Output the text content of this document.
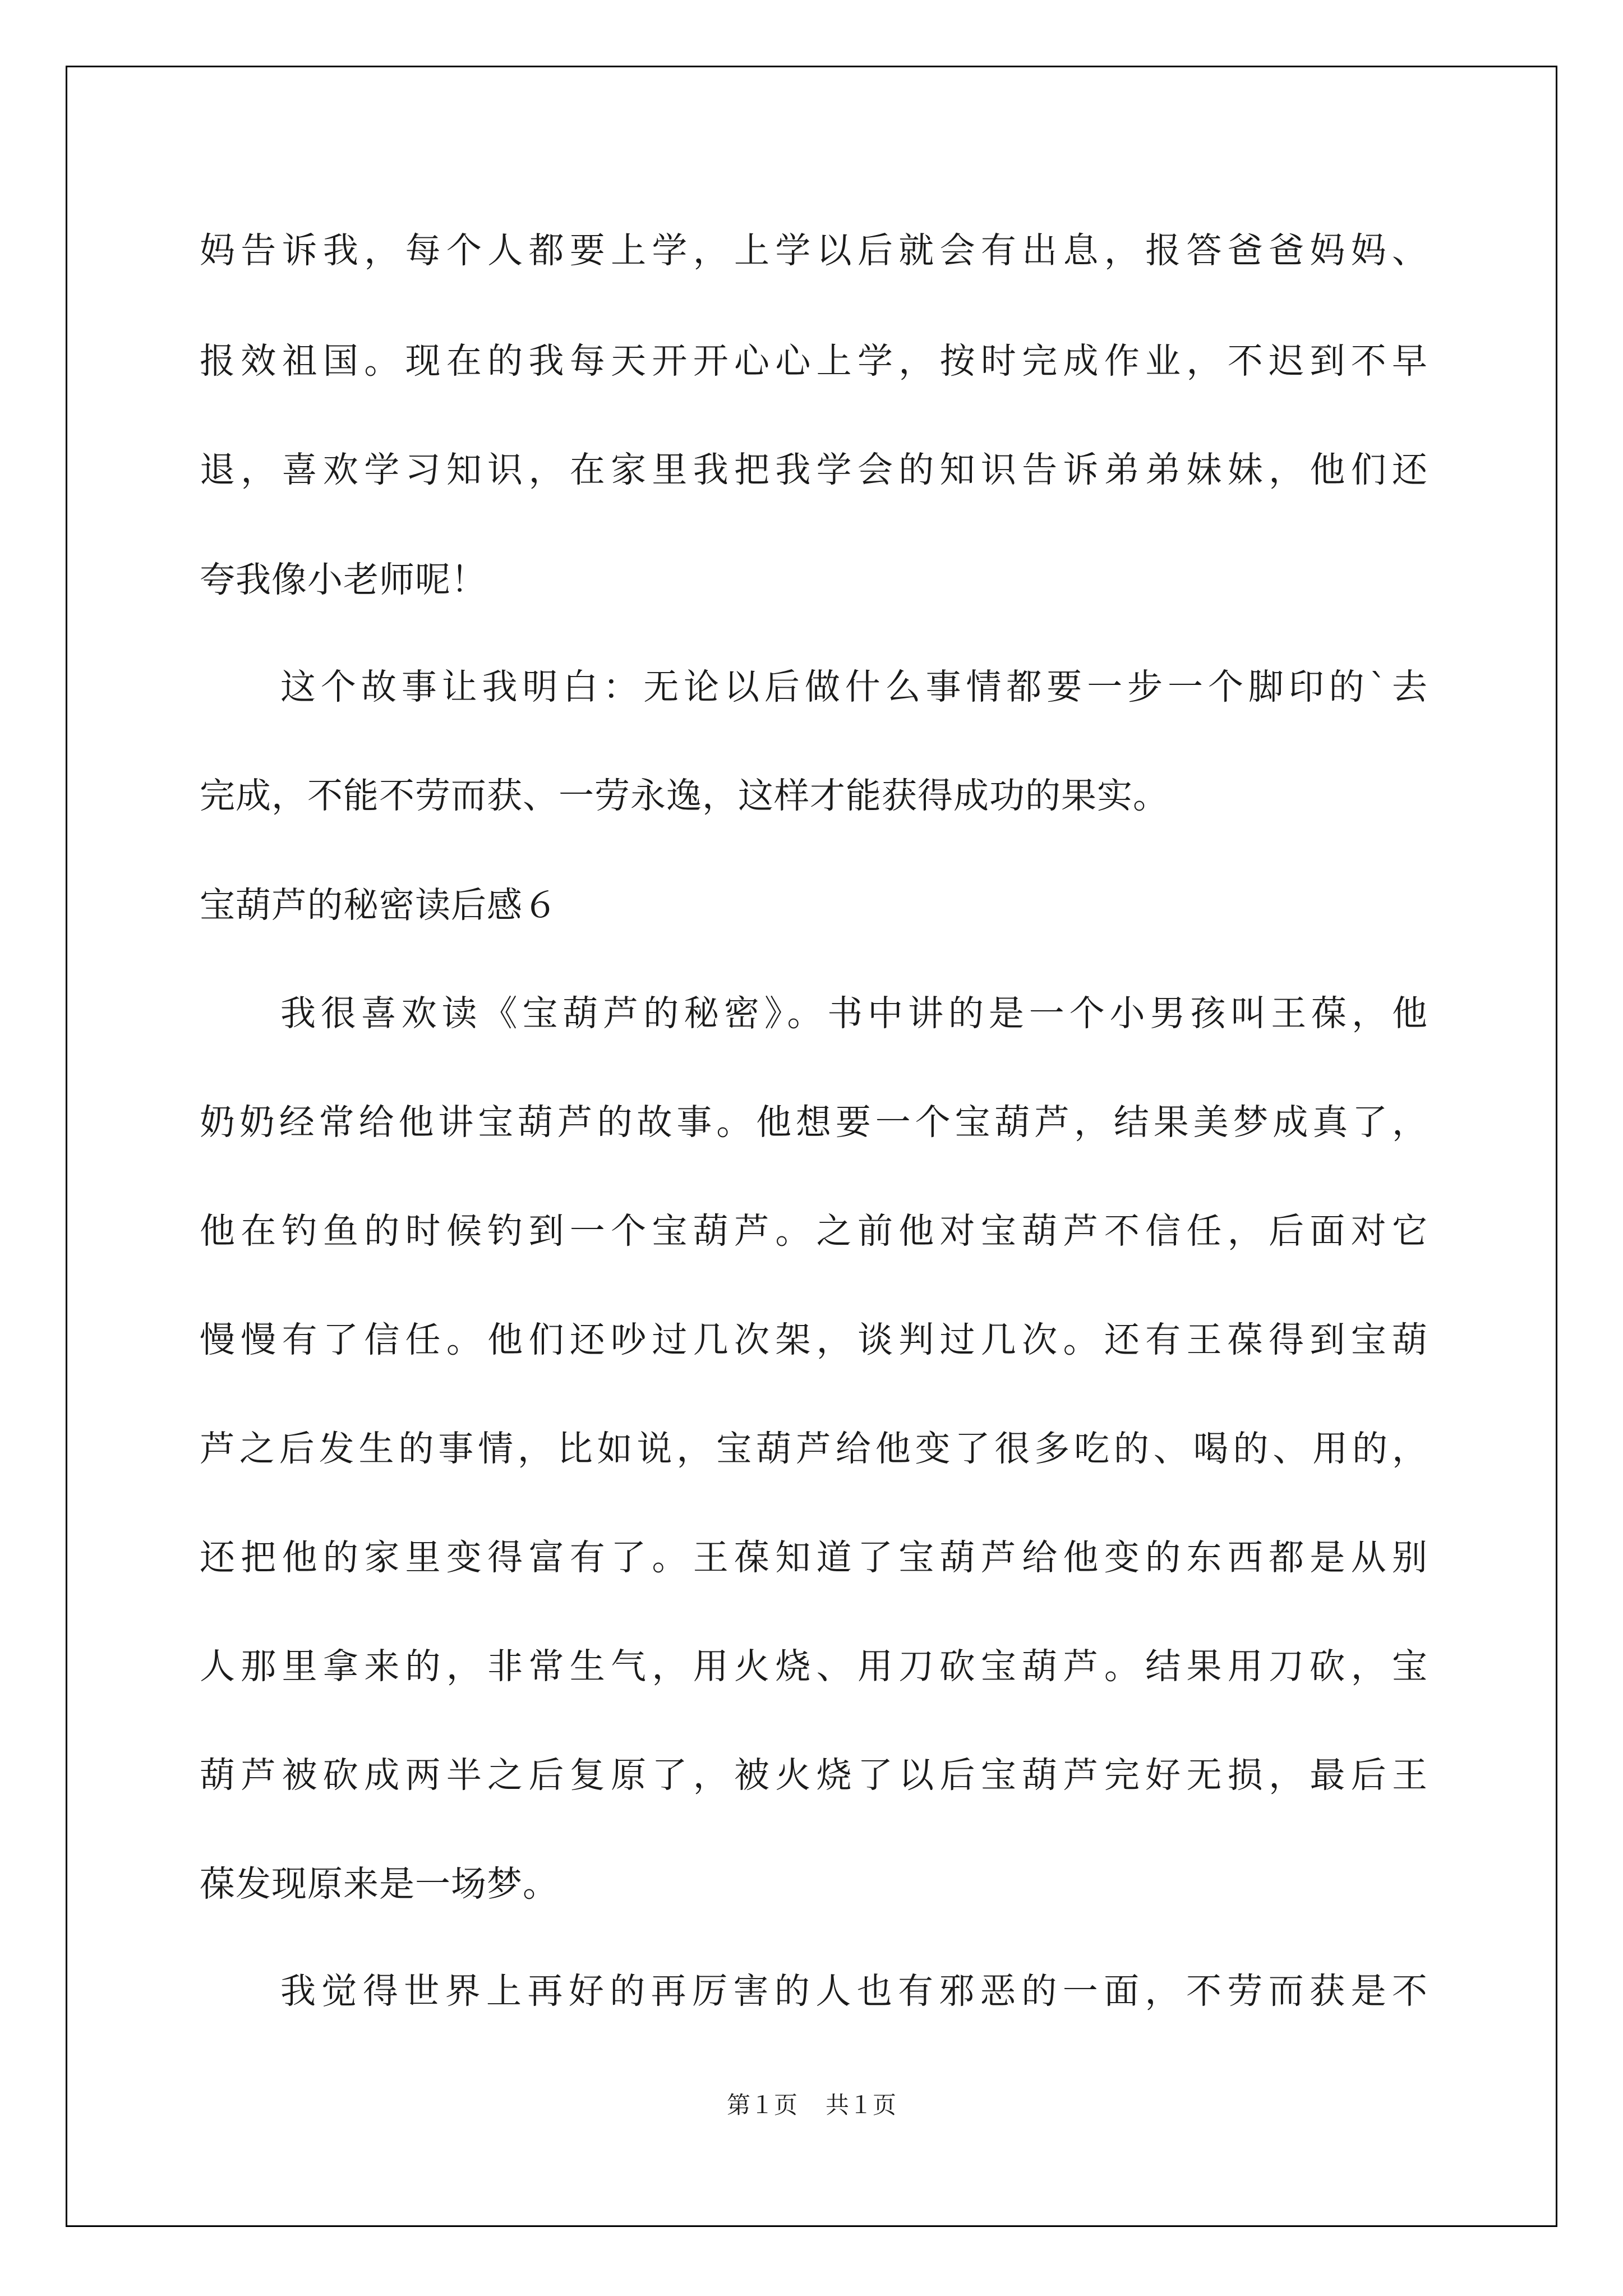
妈告诉我，每个人都要上学，上学以后就会有出息，报答爸爸妈妈、
报效祖国。现在的我每天开开心心上学，按时完成作业，不迟到不早
退，喜欢学习知识，在家里我把我学会的知识告诉弟弟妹妹，他们还
夸我像小老师呢！
这个故事让我明白：无论以后做什么事情都要一步一个脚印的`去
完成，不能不劳而获、一劳永逸，这样才能获得成功的果实。
宝葫芦的秘密读后感６
我很喜欢读《宝葫芦的秘密》。书中讲的是一个小男孩叫王葆，他
奶奶经常给他讲宝葫芦的故事。他想要一个宝葫芦，结果美梦成真了，
他在钓鱼的时候钓到一个宝葫芦。之前他对宝葫芦不信任，后面对它
慢慢有了信任。他们还吵过几次架，谈判过几次。还有王葆得到宝葫
芦之后发生的事情，比如说，宝葫芦给他变了很多吃的、喝的、用的，
还把他的家里变得富有了。王葆知道了宝葫芦给他变的东西都是从别
人那里拿来的，非常生气，用火烧、用刀砍宝葫芦。结果用刀砍，宝
葫芦被砍成两半之后复原了，被火烧了以后宝葫芦完好无损，最后王
葆发现原来是一场梦。
我觉得世界上再好的再厉害的人也有邪恶的一面，不劳而获是不
第１页 共１页
